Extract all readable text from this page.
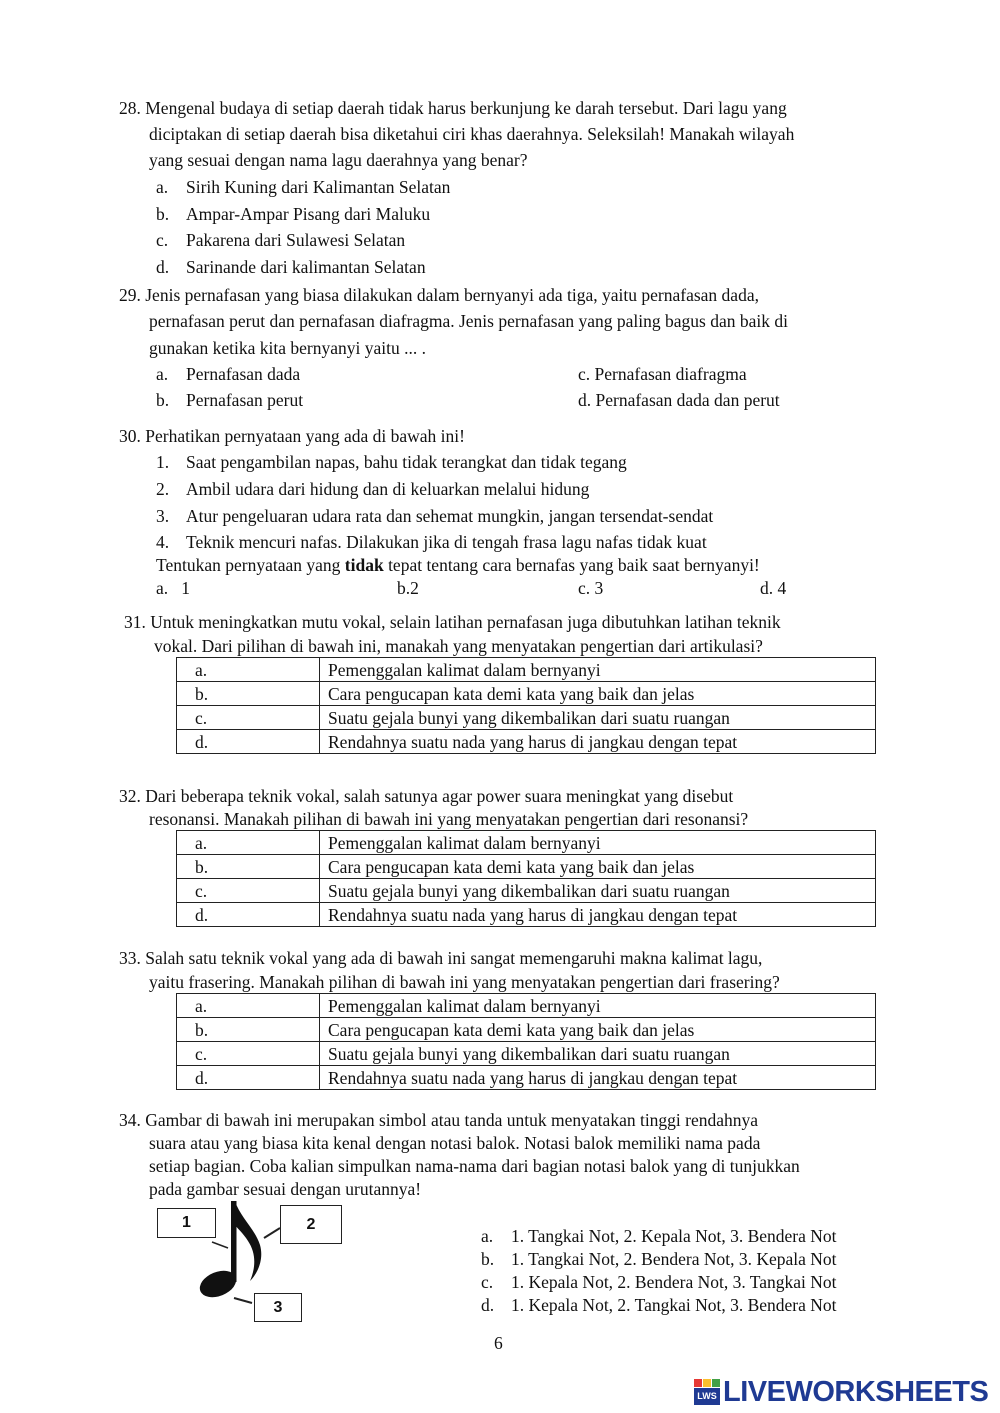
28. Mengenal budaya di setiap daerah tidak harus berkunjung ke darah tersebut. Dari lagu yang
diciptakan di setiap daerah bisa diketahui ciri khas daerahnya. Seleksilah! Manakah wilayah
yang sesuai dengan nama lagu daerahnya yang benar?
a. Sirih Kuning dari Kalimantan Selatan
b. Ampar-Ampar Pisang dari Maluku
c. Pakarena dari Sulawesi Selatan
d. Sarinande dari kalimantan Selatan
29. Jenis pernafasan yang biasa dilakukan dalam bernyanyi ada tiga, yaitu pernafasan dada,
pernafasan perut dan pernafasan diafragma. Jenis pernafasan yang paling bagus dan baik di
gunakan ketika kita bernyanyi yaitu ... .
a. Pernafasan dada
b. Pernafasan perut
c. Pernafasan diafragma
d. Pernafasan dada dan perut
30. Perhatikan pernyataan yang ada di bawah ini!
1. Saat pengambilan napas, bahu tidak terangkat dan tidak tegang
2. Ambil udara dari hidung dan di keluarkan melalui hidung
3. Atur pengeluaran udara rata dan sehemat mungkin, jangan tersendat-sendat
4. Teknik mencuri nafas. Dilakukan jika di tengah frasa lagu nafas tidak kuat
Tentukan pernyataan yang tidak tepat tentang cara bernafas yang baik saat bernyanyi!
a.   1	b.2	c. 3	d. 4
31. Untuk meningkatkan mutu vokal, selain latihan pernafasan juga dibutuhkan latihan teknik
vokal. Dari pilihan di bawah ini, manakah yang menyatakan pengertian dari artikulasi?
a.	Pemenggalan kalimat dalam bernyanyi
b.	Cara pengucapan kata demi kata yang baik dan jelas
c.	Suatu gejala bunyi yang dikembalikan dari suatu ruangan
d.	Rendahnya suatu nada yang harus di jangkau dengan tepat
32. Dari beberapa teknik vokal, salah satunya agar power suara meningkat yang disebut
resonansi. Manakah pilihan di bawah ini yang menyatakan pengertian dari resonansi?
a.	Pemenggalan kalimat dalam bernyanyi
b.	Cara pengucapan kata demi kata yang baik dan jelas
c.	Suatu gejala bunyi yang dikembalikan dari suatu ruangan
d.	Rendahnya suatu nada yang harus di jangkau dengan tepat
33. Salah satu teknik vokal yang ada di bawah ini sangat memengaruhi makna kalimat lagu,
yaitu frasering. Manakah pilihan di bawah ini yang menyatakan pengertian dari frasering?
a.	Pemenggalan kalimat dalam bernyanyi
b.	Cara pengucapan kata demi kata yang baik dan jelas
c.	Suatu gejala bunyi yang dikembalikan dari suatu ruangan
d.	Rendahnya suatu nada yang harus di jangkau dengan tepat
34. Gambar di bawah ini merupakan simbol atau tanda untuk menyatakan tinggi rendahnya
suara atau yang biasa kita kenal dengan notasi balok. Notasi balok memiliki nama pada
setiap bagian. Coba kalian simpulkan nama-nama dari bagian notasi balok yang di tunjukkan
pada gambar sesuai dengan urutannya!
1	2
3
a. 1. Tangkai Not, 2. Kepala Not, 3. Bendera Not
b. 1. Tangkai Not, 2. Bendera Not, 3. Kepala Not
c. 1. Kepala Not, 2. Bendera Not, 3. Tangkai Not
d. 1. Kepala Not, 2. Tangkai Not, 3. Bendera Not
6
LWS LIVEWORKSHEETS
